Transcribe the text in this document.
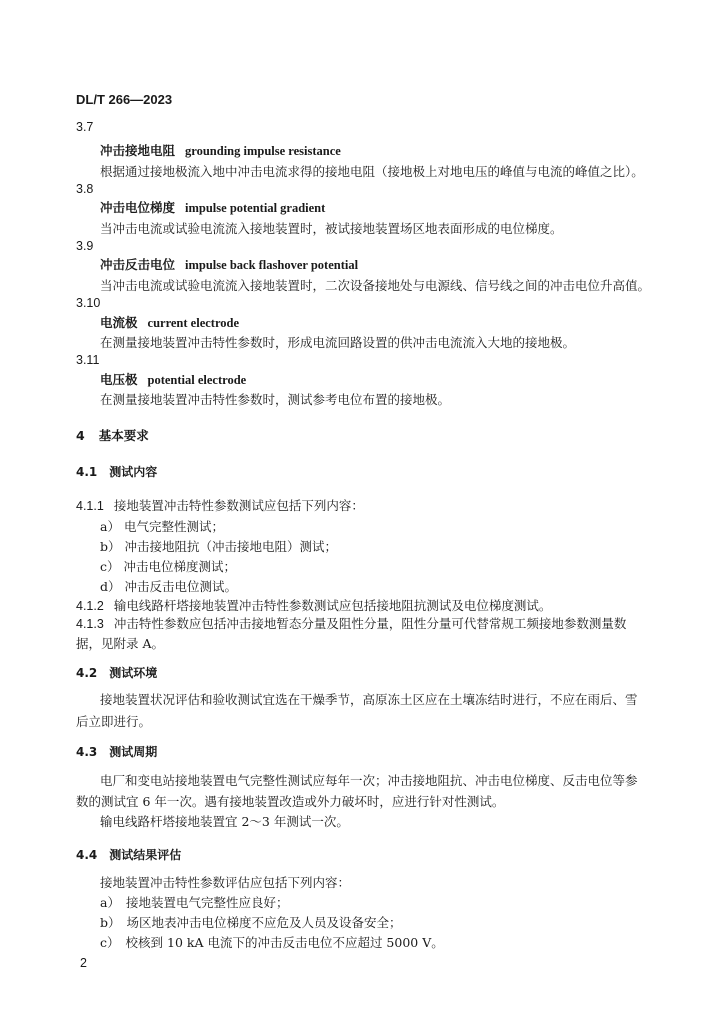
DL/T 266—2023
3.7
冲击接地电阻 grounding impulse resistance
根据通过接地极流入地中冲击电流求得的接地电阻（接地极上对地电压的峰值与电流的峰值之比）。
3.8
冲击电位梯度 impulse potential gradient
当冲击电流或试验电流流入接地装置时，被试接地装置场区地表面形成的电位梯度。
3.9
冲击反击电位 impulse back flashover potential
当冲击电流或试验电流流入接地装置时，二次设备接地处与电源线、信号线之间的冲击电位升高值。
3.10
电流极 current electrode
在测量接地装置冲击特性参数时，形成电流回路设置的供冲击电流流入大地的接地极。
3.11
电压极 potential electrode
在测量接地装置冲击特性参数时，测试参考电位布置的接地极。
4 基本要求
4.1 测试内容
4.1.1 接地装置冲击特性参数测试应包括下列内容：
a） 电气完整性测试；
b） 冲击接地阻抗（冲击接地电阻）测试；
c） 冲击电位梯度测试；
d） 冲击反击电位测试。
4.1.2 输电线路杆塔接地装置冲击特性参数测试应包括接地阻抗测试及电位梯度测试。
4.1.3 冲击特性参数应包括冲击接地暂态分量及阻性分量，阻性分量可代替常规工频接地参数测量数
据，见附录 A。
4.2 测试环境
接地装置状况评估和验收测试宜选在干燥季节，高原冻土区应在土壤冻结时进行，不应在雨后、雪
后立即进行。
4.3 测试周期
电厂和变电站接地装置电气完整性测试应每年一次；冲击接地阻抗、冲击电位梯度、反击电位等参
数的测试宜 6 年一次。遇有接地装置改造或外力破坏时，应进行针对性测试。
输电线路杆塔接地装置宜 2～3 年测试一次。
4.4 测试结果评估
接地装置冲击特性参数评估应包括下列内容：
a） 接地装置电气完整性应良好；
b） 场区地表冲击电位梯度不应危及人员及设备安全；
c） 校核到 10 kA 电流下的冲击反击电位不应超过 5000 V。
2
